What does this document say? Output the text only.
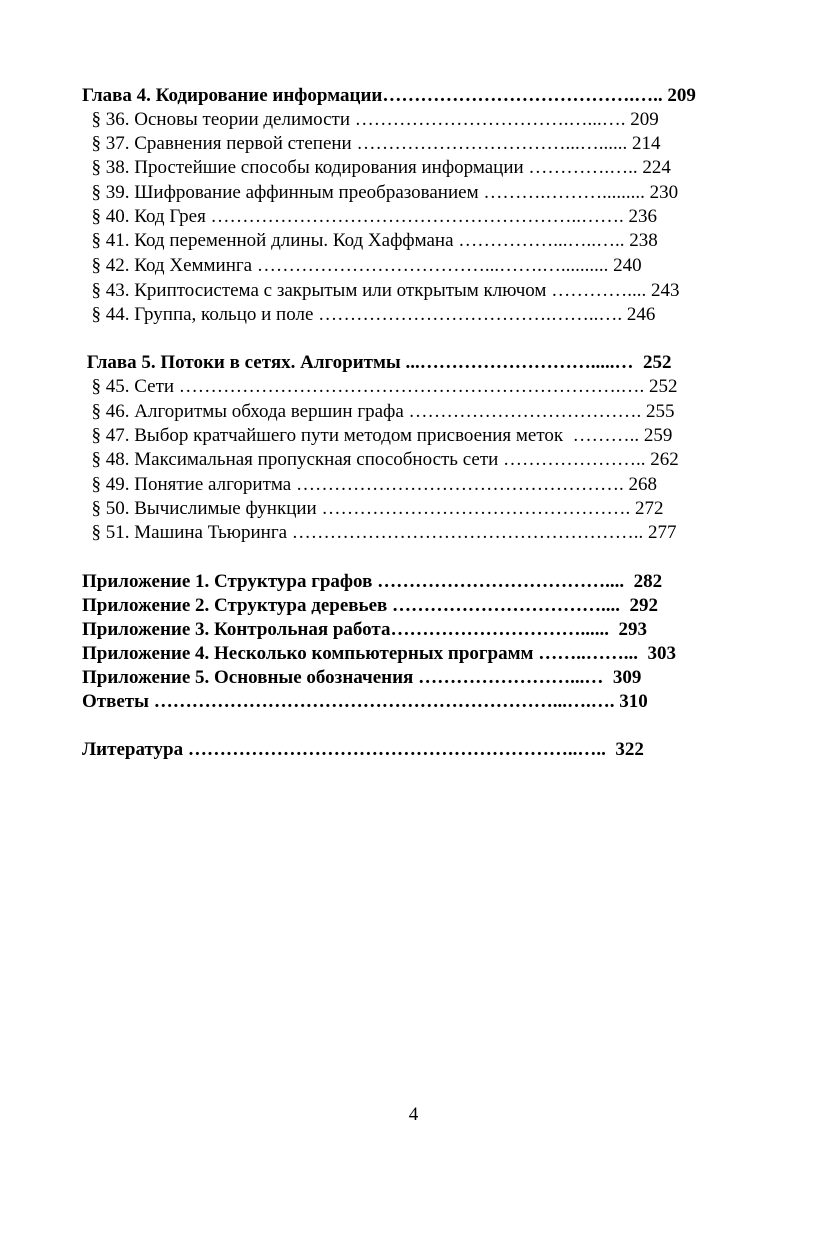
Глава 4. Кодирование информации………………………………….….. 209
§ 36. Основы теории делимости …………………………….…...…. 209
§ 37. Сравнения первой степени ……………………………...…...... 214
§ 38. Простейшие способы кодирования информации ………….….. 224
§ 39. Шифрование аффинным преобразованием ……….………......... 230
§ 40. Код Грея …………………………………………………..……. 236
§ 41. Код переменной длины. Код Хаффмана ……………...…..….. 238
§ 42. Код Хемминга ………………………………...…….….......... 240
§ 43. Криптосистема с закрытым или открытым ключом ………….... 243
§ 44. Группа, кольцо и поле ……………………………….……..…. 246
Глава 5. Потоки в сетях. Алгоритмы ...……………………….....…  252
§ 45. Сети …………………………………………………………….…. 252
§ 46. Алгоритмы обхода вершин графа ………………………………. 255
§ 47. Выбор кратчайшего пути методом присвоения меток  ……….. 259
§ 48. Максимальная пропускная способность сети ………………….. 262
§ 49. Понятие алгоритма ……………………………………………. 268
§ 50. Вычислимые функции …………………………………………. 272
§ 51. Машина Тьюринга ……………………………………………….. 277
Приложение 1. Структура графов ………………………………....  282
Приложение 2. Структура деревьев ……………………………....  292
Приложение 3. Контрольная работа…………………………......  293
Приложение 4. Несколько компьютерных программ ……..……...  303
Приложение 5. Основные обозначения ……………………...…  309
Ответы ………………………………………………………...….…. 310
Литература ……………………………………………………..…..  322
4
